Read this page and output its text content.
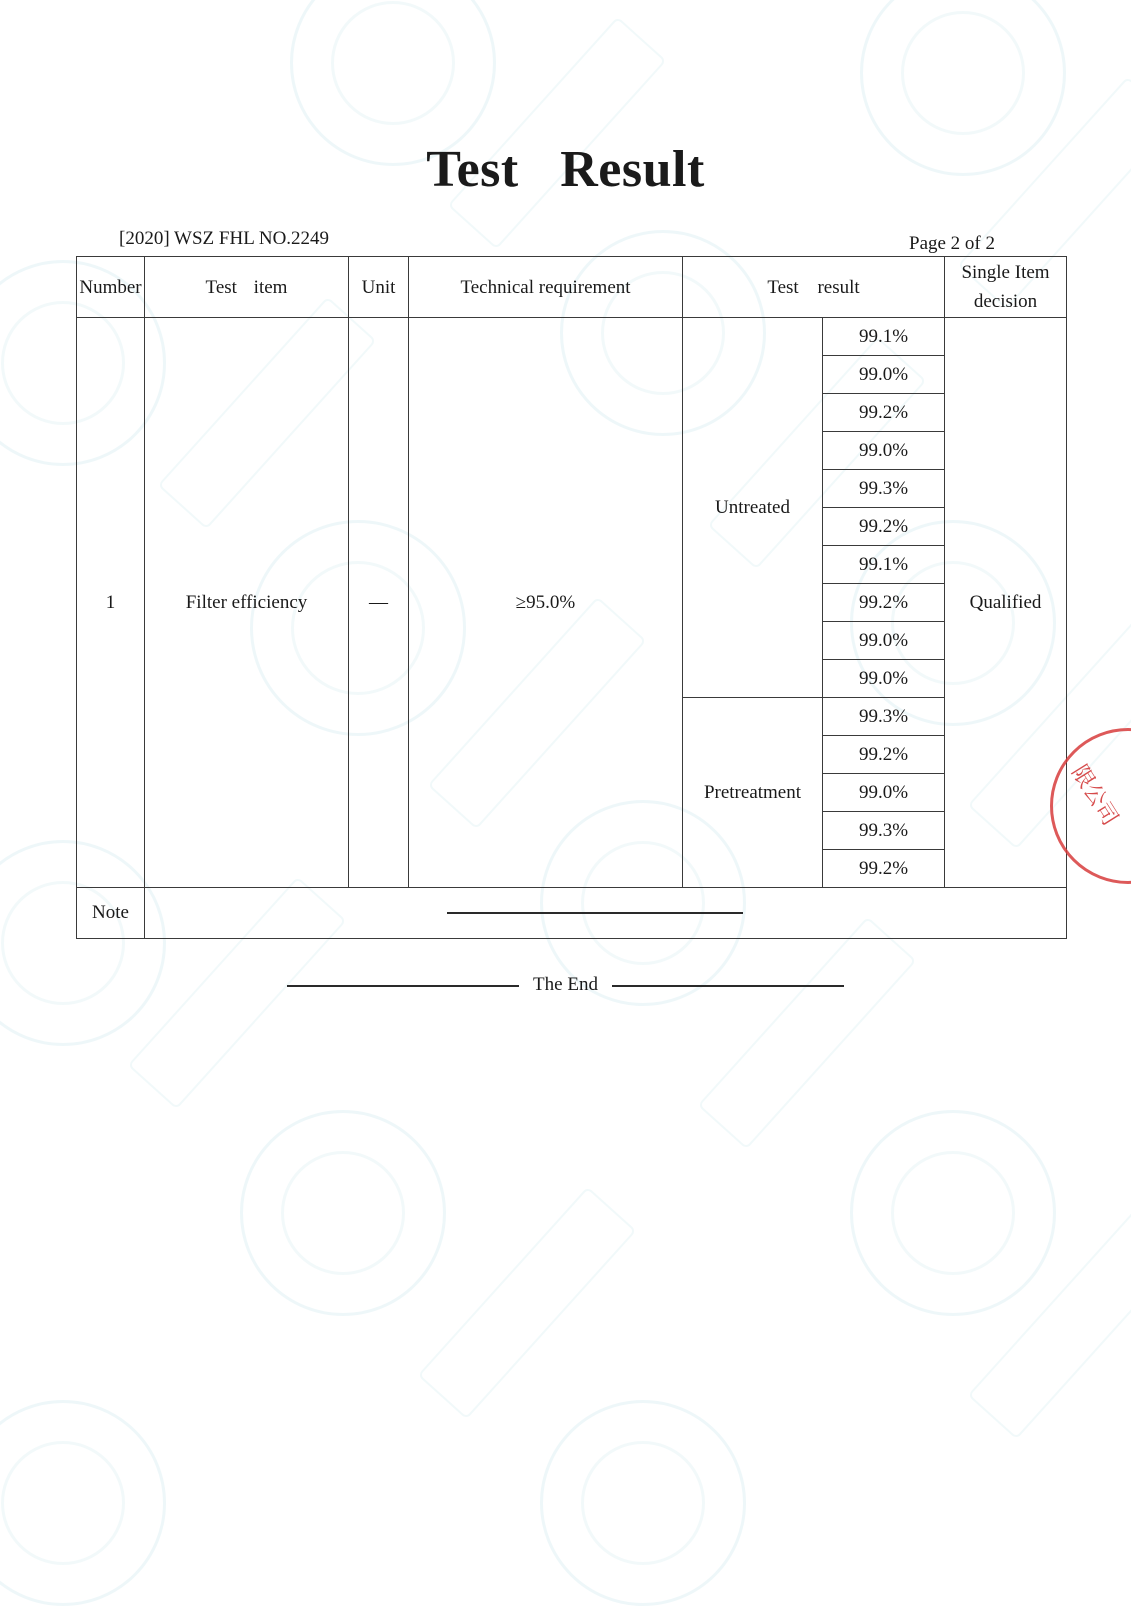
Test Result
[2020] WSZ FHL NO.2249	Page 2 of 2
Number	Test item	Unit	Technical requirement	Test result		Single Item
decision

1	Filter efficiency	—	≥95.0%	Untreated	99.1%	Qualified
					99.0%	
					99.2%	
					99.0%	
					99.3%	
					99.2%	
					99.1%	
					99.2%	
					99.0%	
					99.0%	
				Pretreatment	99.3%	
					99.2%	
					99.0%	
					99.3%	
					99.2%	
Note						
The End
限公司
